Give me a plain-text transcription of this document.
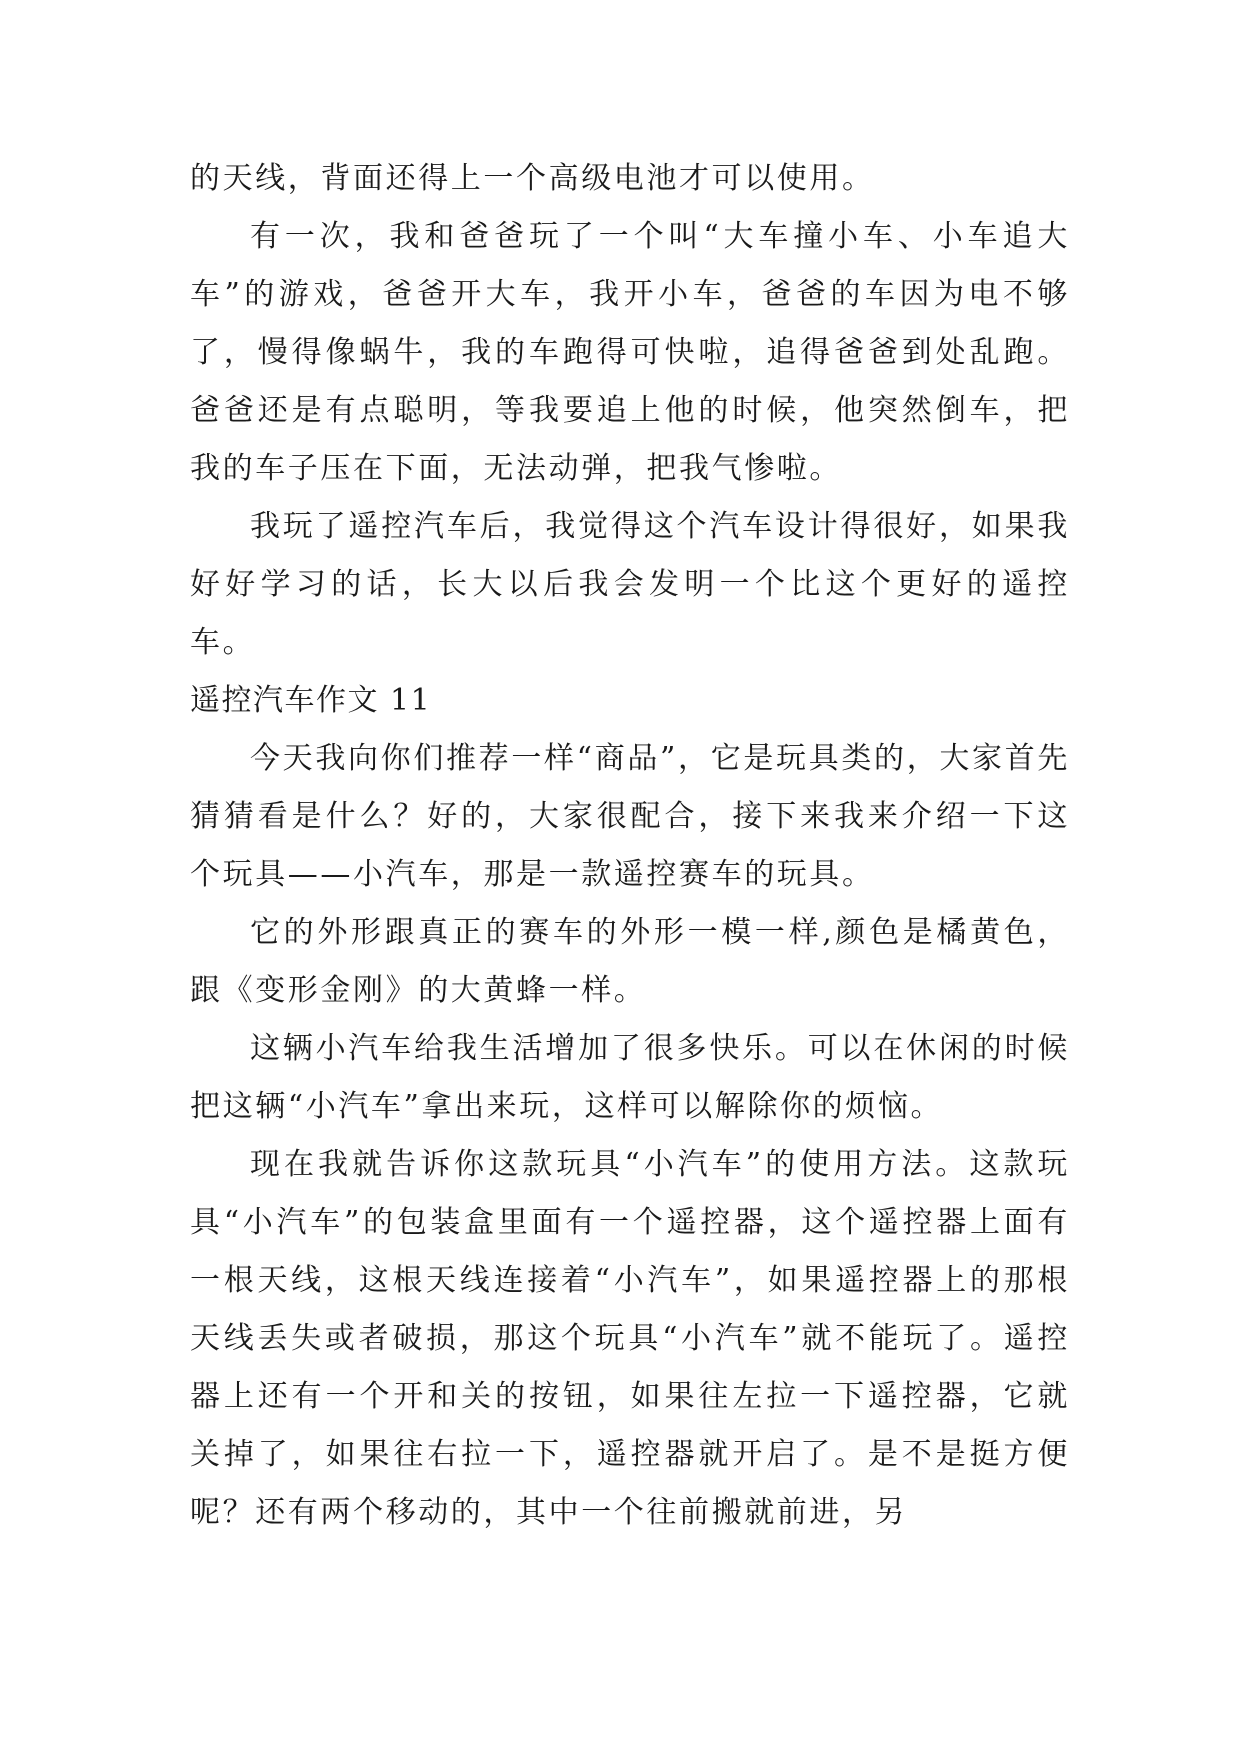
的天线，背面还得上一个高级电池才可以使用。

有一次，我和爸爸玩了一个叫“大车撞小车、小车追大车”的游戏，爸爸开大车，我开小车，爸爸的车因为电不够了，慢得像蜗牛，我的车跑得可快啦，追得爸爸到处乱跑。爸爸还是有点聪明，等我要追上他的时候，他突然倒车，把我的车子压在下面，无法动弹，把我气惨啦。

我玩了遥控汽车后，我觉得这个汽车设计得很好，如果我好好学习的话，长大以后我会发明一个比这个更好的遥控车。

遥控汽车作文 11

今天我向你们推荐一样“商品”，它是玩具类的，大家首先猜猜看是什么？好的，大家很配合，接下来我来介绍一下这个玩具——小汽车，那是一款遥控赛车的玩具。

它的外形跟真正的赛车的外形一模一样,颜色是橘黄色，跟《变形金刚》的大黄蜂一样。

这辆小汽车给我生活增加了很多快乐。可以在休闲的时候把这辆“小汽车”拿出来玩，这样可以解除你的烦恼。

现在我就告诉你这款玩具“小汽车”的使用方法。这款玩具“小汽车”的包装盒里面有一个遥控器，这个遥控器上面有一根天线，这根天线连接着“小汽车”，如果遥控器上的那根天线丢失或者破损，那这个玩具“小汽车”就不能玩了。遥控器上还有一个开和关的按钮，如果往左拉一下遥控器，它就关掉了，如果往右拉一下，遥控器就开启了。是不是挺方便呢？还有两个移动的，其中一个往前搬就前进，另
